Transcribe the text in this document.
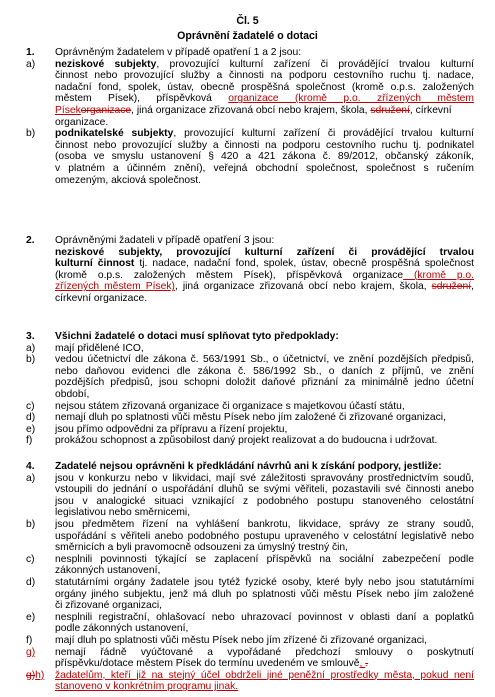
Čl. 5
Oprávnění žadatelé o dotaci
1.	Oprávněným žadatelem v případě opatření 1 a 2 jsou:
a)	neziskové subjekty, provozující kulturní zařízení či provádějící trvalou kulturní
činnost nebo provozující služby a činnosti na podporu cestovního ruchu tj. nadace,
nadační fond, spolek, ústav, obecně prospěšná společnost (kromě o.p.s. založených
městem Písek), příspěvková organizace (kromě p.o. zřízených městem
Písekorganizace, jiná organizace zřizovaná obcí nebo krajem, škola, sdružení, církevní
organizace.
b)	podnikatelské subjekty, provozující kulturní zařízení či provádějící trvalou kulturní
činnost nebo provozující služby a činnosti na podporu cestovního ruchu tj. podnikatel
(osoba ve smyslu ustanovení § 420 a 421 zákona č. 89/2012, občanský zákoník,
v platném a účinném znění), veřejná obchodní společnost, společnost s ručením
omezeným, akciová společnost.
2.	Oprávněnými žadateli v případě opatření 3 jsou:
neziskové subjekty, provozující kulturní zařízení či provádějící trvalou
kulturní činnost tj. nadace, nadační fond, spolek, ústav, obecně prospěšná společnost
(kromě o.p.s. založených městem Písek), příspěvková organizace (kromě p.o.
zřízených městem Písek), jiná organizace zřizovaná obcí nebo krajem, škola, sdružení,
církevní organizace.
3.	Všichni žadatelé o dotaci musí splňovat tyto předpoklady:
a)	mají přidělené IČO,
b)	vedou účetnictví dle zákona č. 563/1991 Sb., o účetnictví, ve znění pozdějších předpisů,
nebo daňovou evidenci dle zákona č. 586/1992 Sb., o daních z příjmů, ve znění
pozdějších předpisů, jsou schopni doložit daňové přiznání za minimálně jedno účetní
období,
c)	nejsou státem zřizovaná organizace či organizace s majetkovou účastí státu,
d)	nemají dluh po splatnosti vůči městu Písek nebo jím založené či zřizované organizaci,
e)	jsou přímo odpovědni za přípravu a řízení projektu,
f)	prokážou schopnost a způsobilost daný projekt realizovat a do budoucna i udržovat.
4.	Žadatelé nejsou oprávněni k předkládání návrhů ani k získání podpory, jestliže:
a)	jsou v konkurzu nebo v likvidaci, mají své záležitosti spravovány prostřednictvím soudů,
vstoupili do jednání o uspořádání dluhů se svými věřiteli, pozastavili své činnosti anebo
jsou v analogické situaci vznikající z podobného postupu stanoveného celostátní
legislativou nebo směrnicemi,
b)	jsou předmětem řízení na vyhlášení bankrotu, likvidace, správy ze strany soudů,
uspořádání s věřiteli anebo podobného postupu upraveného v celostátní legislativě nebo
směrnicích a byli pravomocně odsouzeni za úmyslný trestný čin,
c)	nesplnili povinnosti týkající se zaplacení příspěvků na sociální zabezpečení podle
zákonných ustanovení,
d)	statutárními orgány žadatele jsou tytéž fyzické osoby, které byly nebo jsou statutárními
orgány jiného subjektu, jenž má dluh po splatnosti vůči městu Písek nebo jím založené
či zřizované organizaci,
e)	nesplnili registrační, ohlašovací nebo uhrazovací povinnost v oblasti daní a poplatků
podle zákonných ustanovení,
f)	mají dluh po splatnosti vůči městu Písek nebo jím zřízené či zřizované organizaci,
g)	nemají řádně vyúčtované a vypořádané předchozí smlouvy o poskytnutí
příspěvku/dotace městem Písek do termínu uvedeném ve smlouvě, .
g)h)	žadatelům, kteří již na stejný účel obdrželi jiné peněžní prostředky města, pokud není
stanoveno v konkrétním programu jinak.
